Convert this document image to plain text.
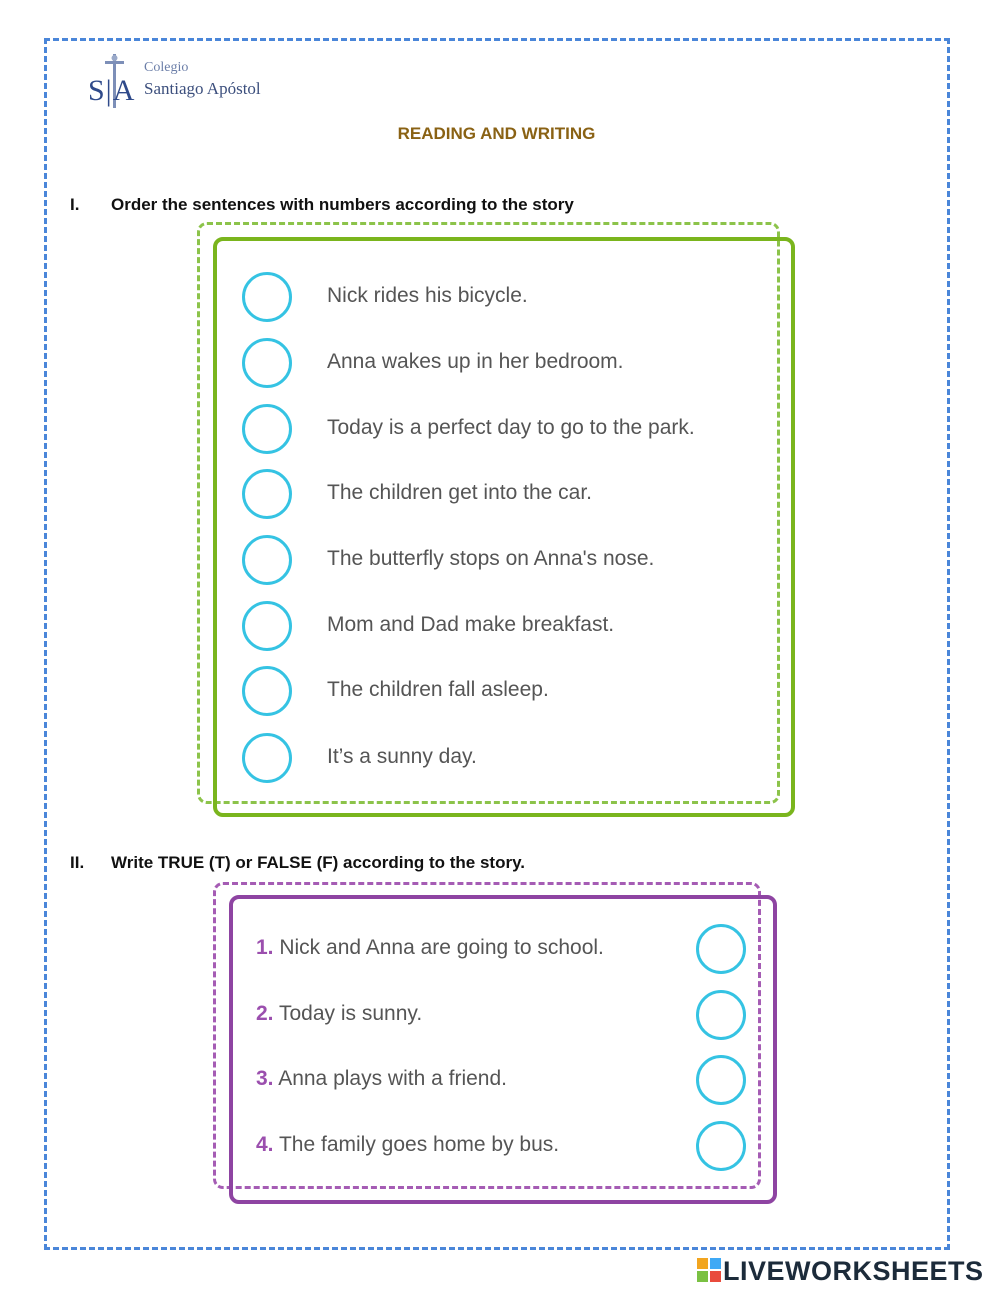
S|A
Colegio
Santiago Apóstol
READING AND WRITING
I. Order the sentences with numbers according to the story
Nick rides his bicycle.
Anna wakes up in her bedroom.
Today is a perfect day to go to the park.
The children get into the car.
The butterfly stops on Anna's nose.
Mom and Dad make breakfast.
The children fall asleep.
It’s a sunny day.
II. Write TRUE (T) or FALSE (F) according to the story.
1. Nick and Anna are going to school.
2. Today is sunny.
3. Anna plays with a friend.
4. The family goes home by bus.
LIVEWORKSHEETS
